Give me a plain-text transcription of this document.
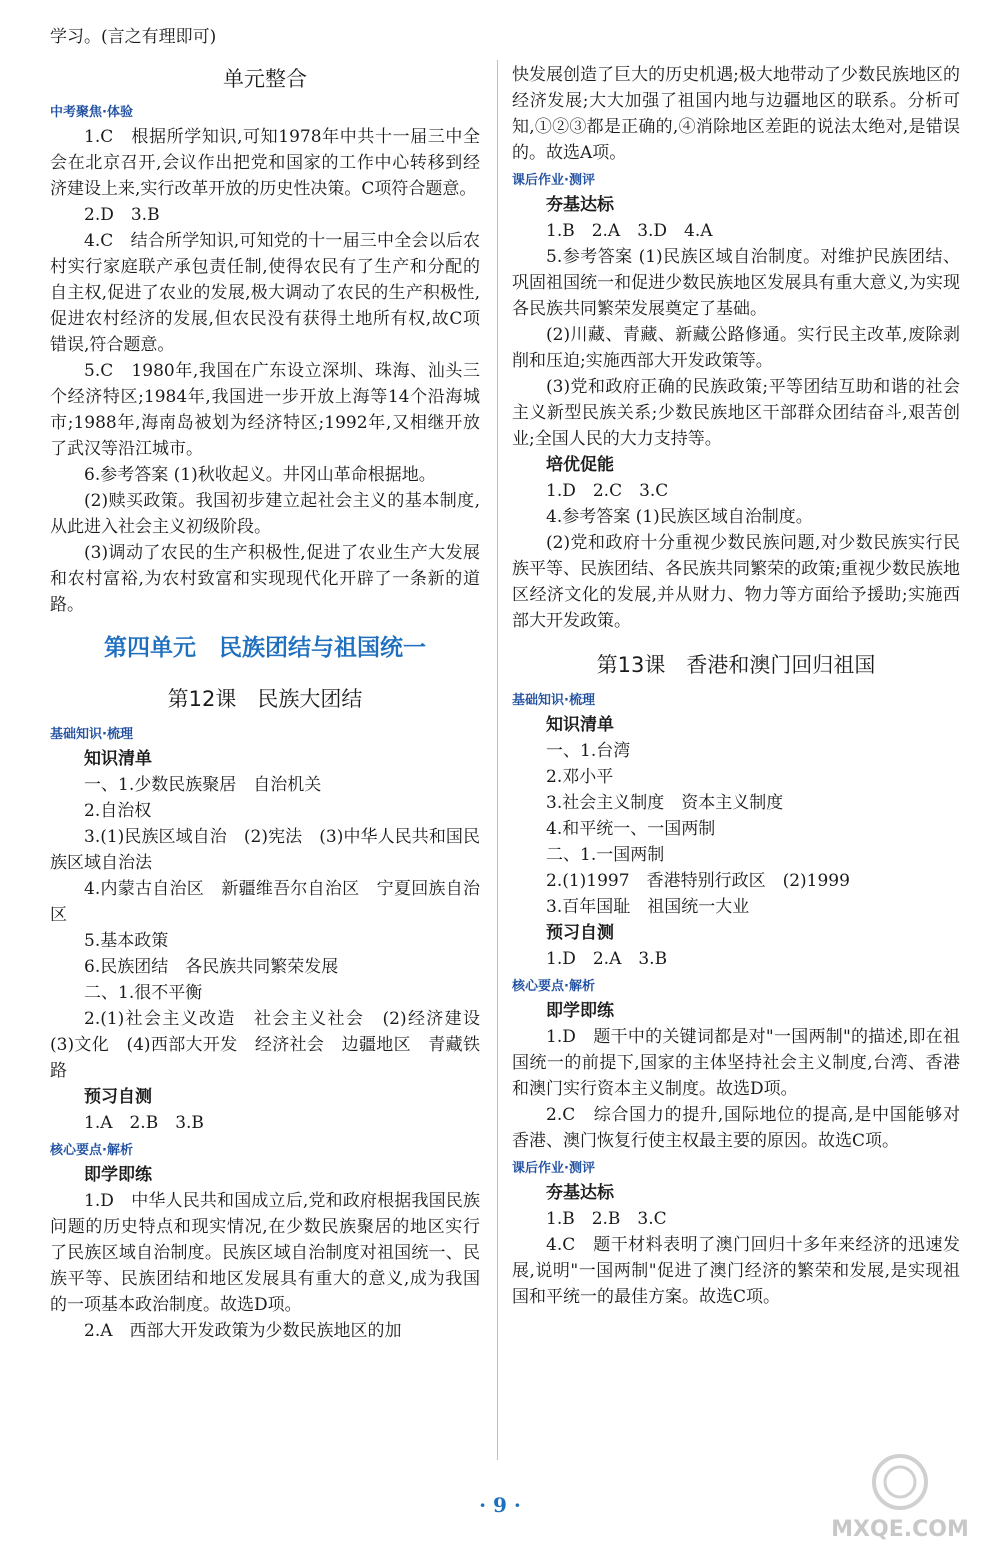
学习。(言之有理即可)

单元整合
中考聚焦·体验

1.C　根据所学知识,可知1978年中共十一届三中全会在北京召开,会议作出把党和国家的工作中心转移到经济建设上来,实行改革开放的历史性决策。C项符合题意。

2.D　3.B

4.C　结合所学知识,可知党的十一届三中全会以后农村实行家庭联产承包责任制,使得农民有了生产和分配的自主权,促进了农业的发展,极大调动了农民的生产积极性,促进农村经济的发展,但农民没有获得土地所有权,故C项错误,符合题意。

5.C　1980年,我国在广东设立深圳、珠海、汕头三个经济特区;1984年,我国进一步开放上海等14个沿海城市;1988年,海南岛被划为经济特区;1992年,又相继开放了武汉等沿江城市。

6.参考答案 (1)秋收起义。井冈山革命根据地。

(2)赎买政策。我国初步建立起社会主义的基本制度,从此进入社会主义初级阶段。

(3)调动了农民的生产积极性,促进了农业生产大发展和农村富裕,为农村致富和实现现代化开辟了一条新的道路。

第四单元　民族团结与祖国统一
第12课　民族大团结
基础知识·梳理

知识清单

一、1.少数民族聚居　自治机关

2.自治权

3.(1)民族区域自治　(2)宪法　(3)中华人民共和国民族区域自治法

4.内蒙古自治区　新疆维吾尔自治区　宁夏回族自治区

5.基本政策

6.民族团结　各民族共同繁荣发展

二、1.很不平衡

2.(1)社会主义改造　社会主义社会　(2)经济建设　(3)文化　(4)西部大开发　经济社会　边疆地区　青藏铁路

预习自测

1.A　2.B　3.B

核心要点·解析

即学即练

1.D　中华人民共和国成立后,党和政府根据我国民族问题的历史特点和现实情况,在少数民族聚居的地区实行了民族区域自治制度。民族区域自治制度对祖国统一、民族平等、民族团结和地区发展具有重大的意义,成为我国的一项基本政治制度。故选D项。

2.A　西部大开发政策为少数民族地区的加

快发展创造了巨大的历史机遇;极大地带动了少数民族地区的经济发展;大大加强了祖国内地与边疆地区的联系。分析可知,①②③都是正确的,④消除地区差距的说法太绝对,是错误的。故选A项。

课后作业·测评

夯基达标

1.B　2.A　3.D　4.A

5.参考答案 (1)民族区域自治制度。对维护民族团结、巩固祖国统一和促进少数民族地区发展具有重大意义,为实现各民族共同繁荣发展奠定了基础。

(2)川藏、青藏、新藏公路修通。实行民主改革,废除剥削和压迫;实施西部大开发政策等。

(3)党和政府正确的民族政策;平等团结互助和谐的社会主义新型民族关系;少数民族地区干部群众团结奋斗,艰苦创业;全国人民的大力支持等。

培优促能

1.D　2.C　3.C

4.参考答案 (1)民族区域自治制度。

(2)党和政府十分重视少数民族问题,对少数民族实行民族平等、民族团结、各民族共同繁荣的政策;重视少数民族地区经济文化的发展,并从财力、物力等方面给予援助;实施西部大开发政策。

第13课　香港和澳门回归祖国
基础知识·梳理

知识清单

一、1.台湾

2.邓小平

3.社会主义制度　资本主义制度

4.和平统一、一国两制

二、1.一国两制

2.(1)1997　香港特别行政区　(2)1999

3.百年国耻　祖国统一大业

预习自测

1.D　2.A　3.B

核心要点·解析

即学即练

1.D　题干中的关键词都是对"一国两制"的描述,即在祖国统一的前提下,国家的主体坚持社会主义制度,台湾、香港和澳门实行资本主义制度。故选D项。

2.C　综合国力的提升,国际地位的提高,是中国能够对香港、澳门恢复行使主权最主要的原因。故选C项。

课后作业·测评

夯基达标

1.B　2.B　3.C

4.C　题干材料表明了澳门回归十多年来经济的迅速发展,说明"一国两制"促进了澳门经济的繁荣和发展,是实现祖国和平统一的最佳方案。故选C项。

· 9 ·
MXQE.COM
